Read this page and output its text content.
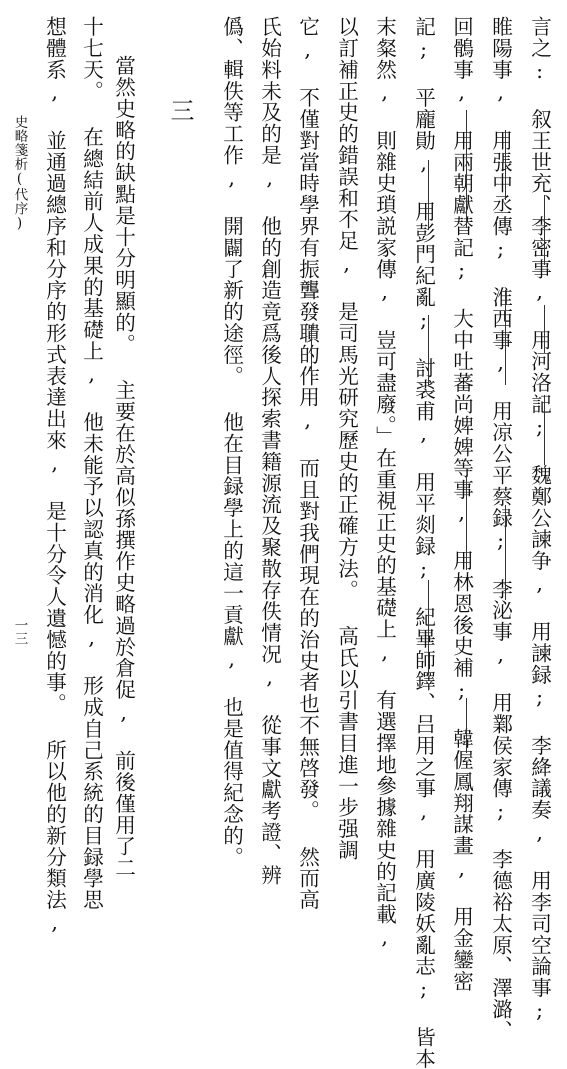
言之: 叙王世充、李密事, 用河洛記; 魏鄭公諫争, 用諫録; 李絳議奏, 用李司空論事;
睢陽事, 用張中丞傳; 淮西事, 用凉公平蔡録; 李泌事, 用鄴侯家傳; 李德裕太原、澤潞、
回鶻事, 用兩朝獻替記; 大中吐蕃尚婢婢等事, 用林恩後史補; 韓偓鳳翔謀畫, 用金鑾密
記; 平龐勛, 用彭門紀亂; 討裘甫, 用平剡録; 紀畢師鐸、吕用之事, 用廣陵妖亂志; 皆本
末粲然, 則雜史瑣説家傳, 豈可盡廢。」在重視正史的基礎上, 有選擇地參據雜史的記載,
以訂補正史的錯誤和不足, 是司馬光研究歷史的正確方法。 高氏以引書目進一步强調
它, 不僅對當時學界有振聾發聵的作用, 而且對我們現在的治史者也不無啓發。 然而高
氏始料未及的是, 他的創造竟爲後人探索書籍源流及聚散存佚情况, 從事文獻考證、辨
僞、輯佚等工作, 開闢了新的途徑。 他在目録學上的這一貢獻, 也是值得紀念的。
三
當然史略的缺點是十分明顯的。 主要在於高似孫撰作史略過於倉促, 前後僅用了二
十七天。 在總結前人成果的基礎上, 他未能予以認真的消化, 形成自己系統的目録學思
想體系, 並通過總序和分序的形式表達出來, 是十分令人遺憾的事。 所以他的新分類法,
史略箋析(代序)
一三
